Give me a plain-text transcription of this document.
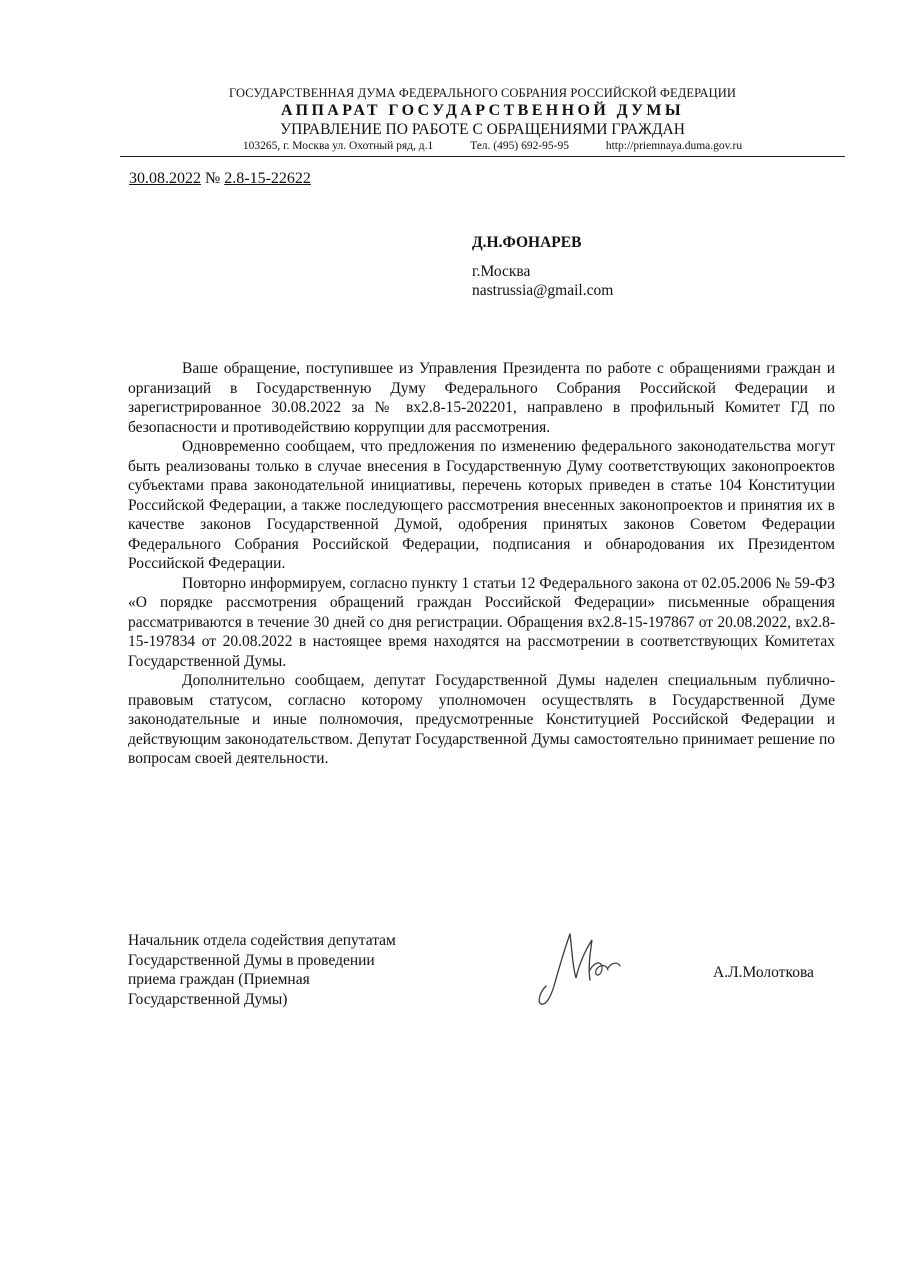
ГОСУДАРСТВЕННАЯ ДУМА ФЕДЕРАЛЬНОГО СОБРАНИЯ РОССИЙСКОЙ ФЕДЕРАЦИИ
АППАРАТ ГОСУДАРСТВЕННОЙ ДУМЫ
УПРАВЛЕНИЕ ПО РАБОТЕ С ОБРАЩЕНИЯМИ ГРАЖДАН
103265, г. Москва ул. Охотный ряд, д.1	Тел. (495) 692-95-95	http://priemnaya.duma.gov.ru
30.08.2022 № 2.8-15-22622
Д.Н.ФОНАРЕВ
г.Москва
nastrussia@gmail.com

Ваше обращение, поступившее из Управления Президента по работе с обращениями граждан и организаций в Государственную Думу Федерального Собрания Российской Федерации и зарегистрированное 30.08.2022 за № вх2.8-15-202201, направлено в профильный Комитет ГД по безопасности и противодействию коррупции для рассмотрения.

Одновременно сообщаем, что предложения по изменению федерального законодательства могут быть реализованы только в случае внесения в Государственную Думу соответствующих законопроектов субъектами права законодательной инициативы, перечень которых приведен в статье 104 Конституции Российской Федерации, а также последующего рассмотрения внесенных законопроектов и принятия их в качестве законов Государственной Думой, одобрения принятых законов Советом Федерации Федерального Собрания Российской Федерации, подписания и обнародования их Президентом Российской Федерации.

Повторно информируем, согласно пункту 1 статьи 12 Федерального закона от 02.05.2006 № 59-ФЗ «О порядке рассмотрения обращений граждан Российской Федерации» письменные обращения рассматриваются в течение 30 дней со дня регистрации. Обращения вх2.8-15-197867 от 20.08.2022, вх2.8-15-197834 от 20.08.2022 в настоящее время находятся на рассмотрении в соответствующих Комитетах Государственной Думы.

Дополнительно сообщаем, депутат Государственной Думы наделен специальным публично-правовым статусом, согласно которому уполномочен осуществлять в Государственной Думе законодательные и иные полномочия, предусмотренные Конституцией Российской Федерации и действующим законодательством. Депутат Государственной Думы самостоятельно принимает решение по вопросам своей деятельности.

Начальник отдела содействия депутатам
Государственной Думы в проведении
приема граждан (Приемная
Государственной Думы)
А.Л.Молоткова
